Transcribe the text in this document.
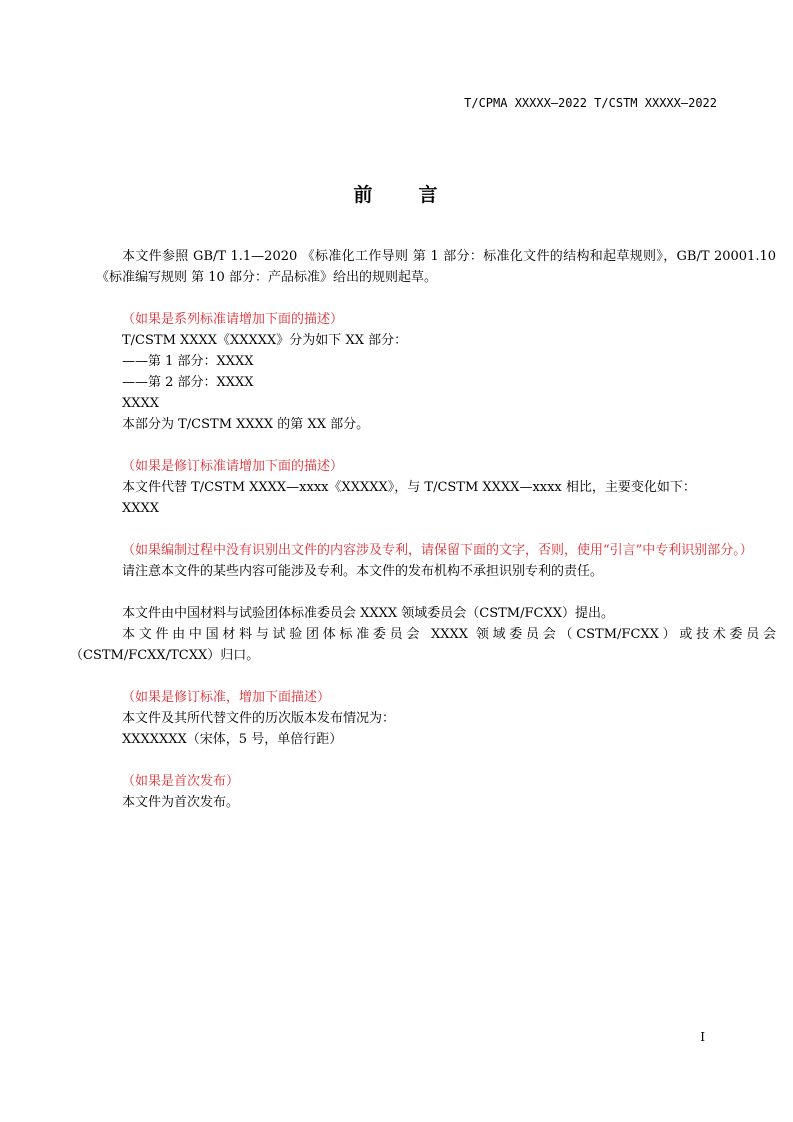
T/CPMA XXXXX—2022 T/CSTM XXXXX—2022
前 言

本文件参照 GB/T 1.1—2020 《标准化工作导则 第 1 部分：标准化文件的结构和起草规则》，GB/T 20001.10《标准编写规则 第 10 部分：产品标准》给出的规则起草。

（如果是系列标准请增加下面的描述）

T/CSTM XXXX《XXXXX》分为如下 XX 部分：

——第 1 部分：XXXX

——第 2 部分：XXXX

XXXX

本部分为 T/CSTM XXXX 的第 XX 部分。

（如果是修订标准请增加下面的描述）

本文件代替 T/CSTM XXXX—xxxx《XXXXX》，与 T/CSTM XXXX—xxxx 相比，主要变化如下：

XXXX

（如果编制过程中没有识别出文件的内容涉及专利，请保留下面的文字，否则，使用“引言”中专利识别部分。）

请注意本文件的某些内容可能涉及专利。本文件的发布机构不承担识别专利的责任。

本文件由中国材料与试验团体标准委员会 XXXX 领域委员会（CSTM/FCXX）提出。

本文件由中国材料与试验团体标准委员会 XXXX 领域委员会（CSTM/FCXX）或技术委员会（CSTM/FCXX/TCXX）归口。

（如果是修订标准，增加下面描述）

本文件及其所代替文件的历次版本发布情况为：

XXXXXXX（宋体，5 号，单倍行距）

（如果是首次发布）

本文件为首次发布。

I
